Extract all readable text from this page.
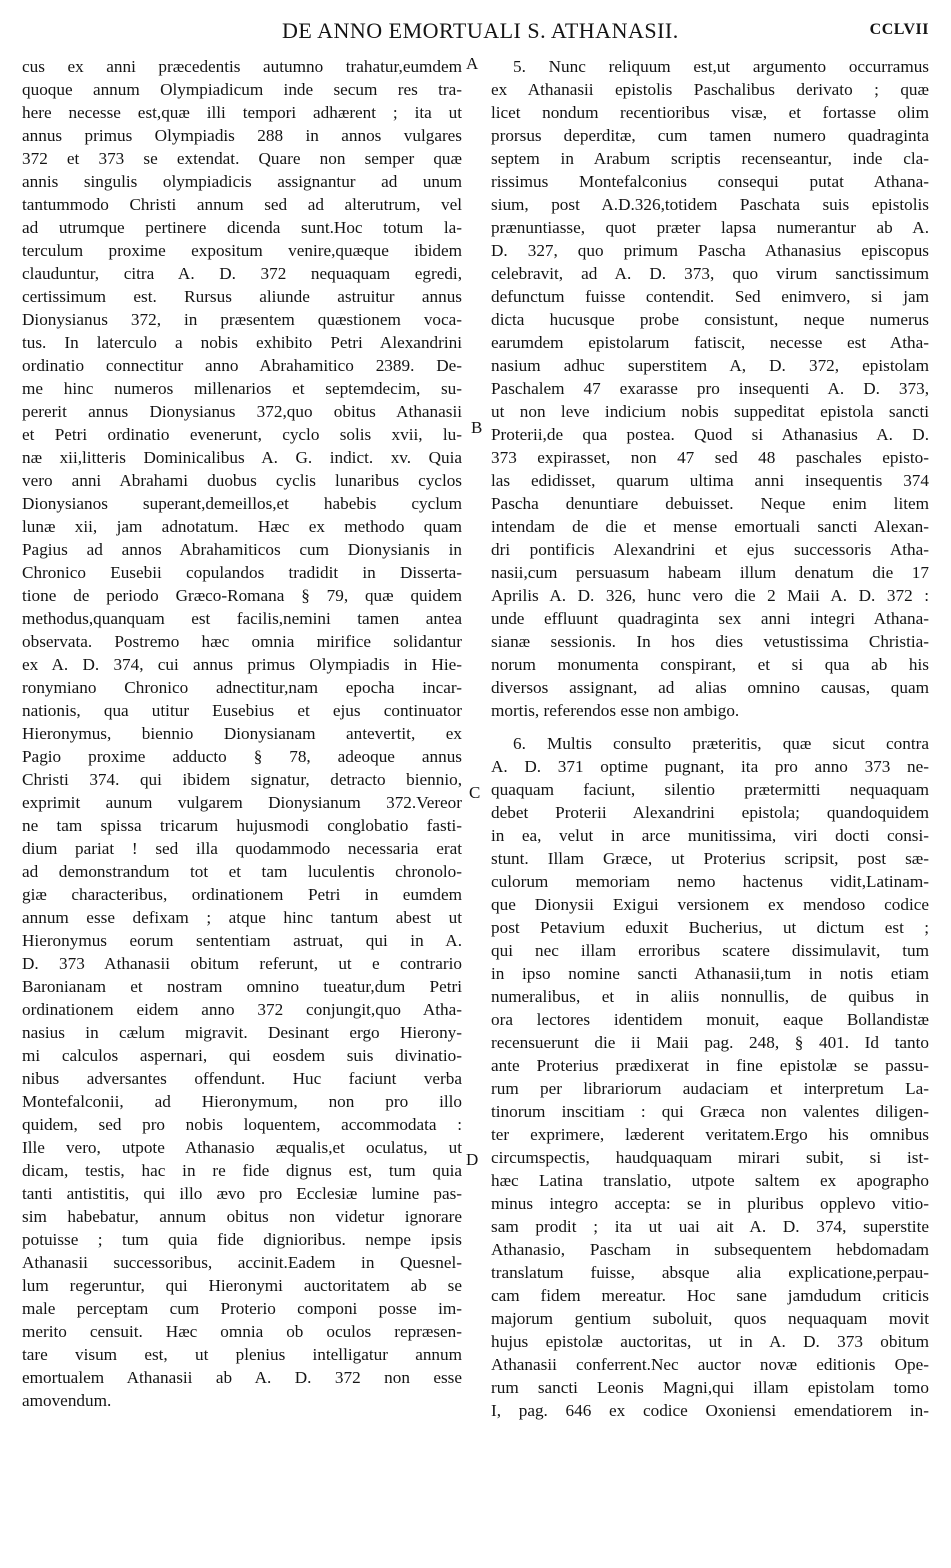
DE ANNO EMORTUALI S. ATHANASII.	CCLVII
A
B
C
D
cus ex anni præcedentis autumno trahatur,eumdem
quoque annum Olympiadicum inde secum res tra-
here necesse est,quæ illi tempori adhærent ; ita ut
annus primus Olympiadis 288 in annos vulgares
372 et 373 se extendat. Quare non semper quæ
annis singulis olympiadicis assignantur ad unum
tantummodo Christi annum sed ad alterutrum, vel
ad utrumque pertinere dicenda sunt.Hoc totum la-
terculum proxime expositum venire,quæque ibidem
clauduntur, citra A. D. 372 nequaquam egredi,
certissimum est. Rursus aliunde astruitur annus
Dionysianus 372, in præsentem quæstionem voca-
tus. In laterculo a nobis exhibito Petri Alexandrini
ordinatio connectitur anno Abrahamitico 2389. De-
me hinc numeros millenarios et septemdecim, su-
pererit annus Dionysianus 372,quo obitus Athanasii
et Petri ordinatio evenerunt, cyclo solis xvii, lu-
næ xii,litteris Dominicalibus A. G. indict. xv. Quia
vero anni Abrahami duobus cyclis lunaribus cyclos
Dionysianos superant,demeillos,et habebis cyclum
lunæ xii, jam adnotatum. Hæc ex methodo quam
Pagius ad annos Abrahamiticos cum Dionysianis in
Chronico Eusebii copulandos tradidit in Disserta-
tione de periodo Græco-Romana § 79, quæ quidem
methodus,quanquam est facilis,nemini tamen antea
observata. Postremo hæc omnia mirifice solidantur
ex A. D. 374, cui annus primus Olympiadis in Hie-
ronymiano Chronico adnectitur,nam epocha incar-
nationis, qua utitur Eusebius et ejus continuator
Hieronymus, biennio Dionysianam antevertit, ex
Pagio proxime adducto § 78, adeoque annus
Christi 374. qui ibidem signatur, detracto biennio,
exprimit aunum vulgarem Dionysianum 372.Vereor
ne tam spissa tricarum hujusmodi conglobatio fasti-
dium pariat ! sed illa quodammodo necessaria erat
ad demonstrandum tot et tam luculentis chronolo-
giæ characteribus, ordinationem Petri in eumdem
annum esse defixam ; atque hinc tantum abest ut
Hieronymus eorum sententiam astruat, qui in A.
D. 373 Athanasii obitum referunt, ut e contrario
Baronianam et nostram omnino tueatur,dum Petri
ordinationem eidem anno 372 conjungit,quo Atha-
nasius in cælum migravit. Desinant ergo Hierony-
mi calculos aspernari, qui eosdem suis divinatio-
nibus adversantes offendunt. Huc faciunt verba
Montefalconii, ad Hieronymum, non pro illo
quidem, sed pro nobis loquentem, accommodata :
Ille vero, utpote Athanasio æqualis,et oculatus, ut
dicam, testis, hac in re fide dignus est, tum quia
tanti antistitis, qui illo ævo pro Ecclesiæ lumine pas-
sim habebatur, annum obitus non videtur ignorare
potuisse ; tum quia fide dignioribus. nempe ipsis
Athanasii successoribus, accinit.Eadem in Quesnel-
lum regeruntur, qui Hieronymi auctoritatem ab se
male perceptam cum Proterio componi posse im-
merito censuit. Hæc omnia ob oculos repræsen-
tare visum est, ut plenius intelligatur annum
emortualem Athanasii ab A. D. 372 non esse
amovendum.
5. Nunc reliquum est,ut argumento occurramus
ex Athanasii epistolis Paschalibus derivato ; quæ
licet nondum recentioribus visæ, et fortasse olim
prorsus deperditæ, cum tamen numero quadraginta
septem in Arabum scriptis recenseantur, inde cla-
rissimus Montefalconius consequi putat Athana-
sium, post A.D.326,totidem Paschata suis epistolis
prænuntiasse, quot præter lapsa numerantur ab A.
D. 327, quo primum Pascha Athanasius episcopus
celebravit, ad A. D. 373, quo virum sanctissimum
defunctum fuisse contendit. Sed enimvero, si jam
dicta hucusque probe consistunt, neque numerus
earumdem epistolarum fatiscit, necesse est Atha-
nasium adhuc superstitem A, D. 372, epistolam
Paschalem 47 exarasse pro insequenti A. D. 373,
ut non leve indicium nobis suppeditat epistola sancti
Proterii,de qua postea. Quod si Athanasius A. D.
373 expirasset, non 47 sed 48 paschales episto-
las edidisset, quarum ultima anni insequentis 374
Pascha denuntiare debuisset. Neque enim litem
intendam de die et mense emortuali sancti Alexan-
dri pontificis Alexandrini et ejus successoris Atha-
nasii,cum persuasum habeam illum denatum die 17
Aprilis A. D. 326, hunc vero die 2 Maii A. D. 372 :
unde effluunt quadraginta sex anni integri Athana-
sianæ sessionis. In hos dies vetustissima Christia-
norum monumenta conspirant, et si qua ab his
diversos assignant, ad alias omnino causas, quam
mortis, referendos esse non ambigo.
6. Multis consulto præteritis, quæ sicut contra
A. D. 371 optime pugnant, ita pro anno 373 ne-
quaquam faciunt, silentio prætermitti nequaquam
debet Proterii Alexandrini epistola; quandoquidem
in ea, velut in arce munitissima, viri docti consi-
stunt. Illam Græce, ut Proterius scripsit, post sæ-
culorum memoriam nemo hactenus vidit,Latinam-
que Dionysii Exigui versionem ex mendoso codice
post Petavium eduxit Bucherius, ut dictum est ;
qui nec illam erroribus scatere dissimulavit, tum
in ipso nomine sancti Athanasii,tum in notis etiam
numeralibus, et in aliis nonnullis, de quibus in
ora lectores identidem monuit, eaque Bollandistæ
recensuerunt die ii Maii pag. 248, § 401. Id tanto
ante Proterius prædixerat in fine epistolæ se passu-
rum per librariorum audaciam et interpretum La-
tinorum inscitiam : qui Græca non valentes diligen-
ter exprimere, læderent veritatem.Ergo his omnibus
circumspectis, haudquaquam mirari subit, si ist-
hæc Latina translatio, utpote saltem ex apographo
minus integro accepta: se in pluribus opplevo vitio-
sam prodit ; ita ut uai ait A. D. 374, superstite
Athanasio, Pascham in subsequentem hebdomadam
translatum fuisse, absque alia explicatione,perpau-
cam fidem mereatur. Hoc sane jamdudum criticis
majorum gentium suboluit, quos nequaquam movit
hujus epistolæ auctoritas, ut in A. D. 373 obitum
Athanasii conferrent.Nec auctor novæ editionis Ope-
rum sancti Leonis Magni,qui illam epistolam tomo
I, pag. 646 ex codice Oxoniensi emendatiorem in-
